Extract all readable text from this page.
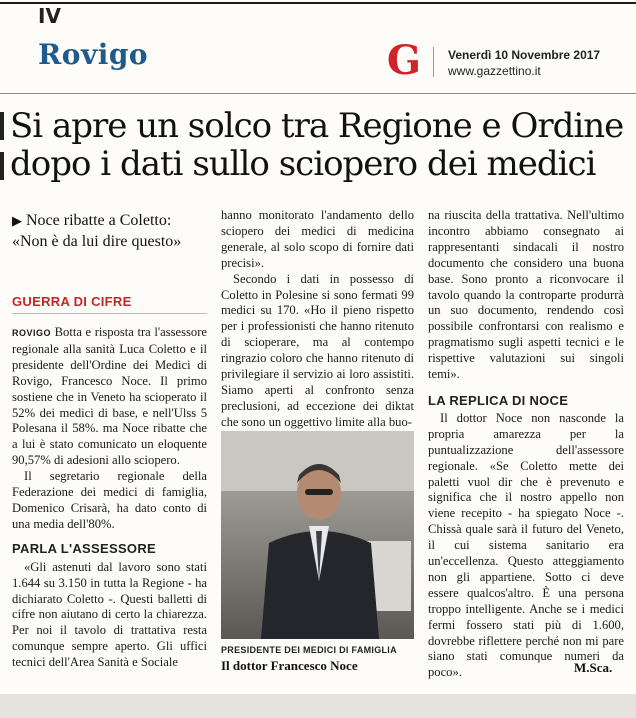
IV
Rovigo	G Venerdì 10 Novembre 2017
www.gazzettino.it
Si apre un solco tra Regione e Ordine
dopo i dati sullo sciopero dei medici
▶ Noce ribatte a Coletto: «Non è da lui dire questo»
GUERRA DI CIFRE

ROVIGO Botta e risposta tra l'assessore regionale alla sanità Luca Coletto e il presidente dell'Ordine dei Medici di Rovigo, Francesco Noce. Il primo sostiene che in Veneto ha scioperato il 52% dei medici di base, e nell'Ulss 5 Polesana il 58%. ma Noce ribatte che a lui è stato comunicato un eloquente 90,57% di adesioni allo sciopero.

Il segretario regionale della Federazione dei medici di famiglia, Domenico Crisarà, ha dato conto di una media dell'80%.

PARLA L'ASSESSORE

«Gli astenuti dal lavoro sono stati 1.644 su 3.150 in tutta la Regione - ha dichiarato Coletto -. Questi balletti di cifre non aiutano di certo la chiarezza. Per noi il tavolo di trattativa resta comunque sempre aperto. Gli uffici tecnici dell'Area Sanità e Sociale

hanno monitorato l'andamento dello sciopero dei medici di medicina generale, al solo scopo di fornire dati precisi».

Secondo i dati in possesso di Coletto in Polesine si sono fermati 99 medici su 170. «Ho il pieno rispetto per i professionisti che hanno ritenuto di scioperare, ma al contempo ringrazio coloro che hanno ritenuto di privilegiare il servizio ai loro assistiti. Siamo aperti al confronto senza preclusioni, ad eccezione dei diktat che sono un oggettivo limite alla buo-

PRESIDENTE DEI MEDICI DI FAMIGLIA
Il dottor Francesco Noce

na riuscita della trattativa. Nell'ultimo incontro abbiamo consegnato ai rappresentanti sindacali il nostro documento che considero una buona base. Sono pronto a riconvocare il tavolo quando la controparte produrrà un suo documento, rendendo così possibile confrontarsi con realismo e pragmatismo sugli aspetti tecnici e le rispettive valutazioni sui singoli temi».

LA REPLICA DI NOCE

Il dottor Noce non nasconde la propria amarezza per la puntualizzazione dell'assessore regionale. «Se Coletto mette dei paletti vuol dir che è prevenuto e significa che il nostro appello non viene recepito - ha spiegato Noce -. Chissà quale sarà il futuro del Veneto, il cui sistema sanitario era un'eccellenza. Questo atteggiamento non gli appartiene. Sotto ci deve essere qualcos'altro. È una persona troppo intelligente. Anche se i medici fermi fossero stati più di 1.600, dovrebbe riflettere perché non mi pare siano stati comunque numeri da poco».	M.Sca.
